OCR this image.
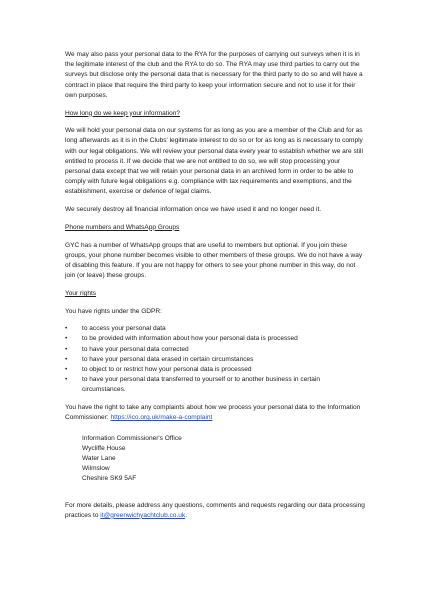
We may also pass your personal data to the RYA for the purposes of carrying out surveys when it is in the legitimate interest of the club and the RYA to do so. The RYA may use third parties to carry out the surveys but disclose only the personal data that is necessary for the third party to do so and will have a contract in place that require the third party to keep your information secure and not to use it for their own purposes.

How long do we keep your information?

We will hold your personal data on our systems for as long as you are a member of the Club and for as long afterwards as it is in the Clubs' legitimate interest to do so or for as long as is necessary to comply with our legal obligations. We will review your personal data every year to establish whether we are still entitled to process it. If we decide that we are not entitled to do so, we will stop processing your personal data except that we will retain your personal data in an archived form in order to be able to comply with future legal obligations e.g. compliance with tax requirements and exemptions, and the establishment, exercise or defence of legal claims.

We securely destroy all financial information once we have used it and no longer need it.

Phone numbers and WhatsApp Groups

GYC has a number of WhatsApp groups that are useful to members but optional. If you join these groups, your phone number becomes visible to other members of these groups. We do not have a way of disabling this feature. If you are not happy for others to see your phone number in this way, do not join (or leave) these groups.

Your rights

You have rights under the GDPR:

•	to access your personal data
•	to be provided with information about how your personal data is processed
•	to have your personal data corrected
•	to have your personal data erased in certain circumstances
•	to object to or restrict how your personal data is processed
•	to have your personal data transferred to yourself or to another business in certain circumstances.

You have the right to take any complaints about how we process your personal data to the Information Commissioner: https://ico.org.uk/make-a-complaint

Information Commissioner's Office
Wycliffe House
Water Lane
Wilmslow
Cheshire SK9 5AF

For more details, please address any questions, comments and requests regarding our data processing practices to it@greenwichyachtclub.co.uk.
